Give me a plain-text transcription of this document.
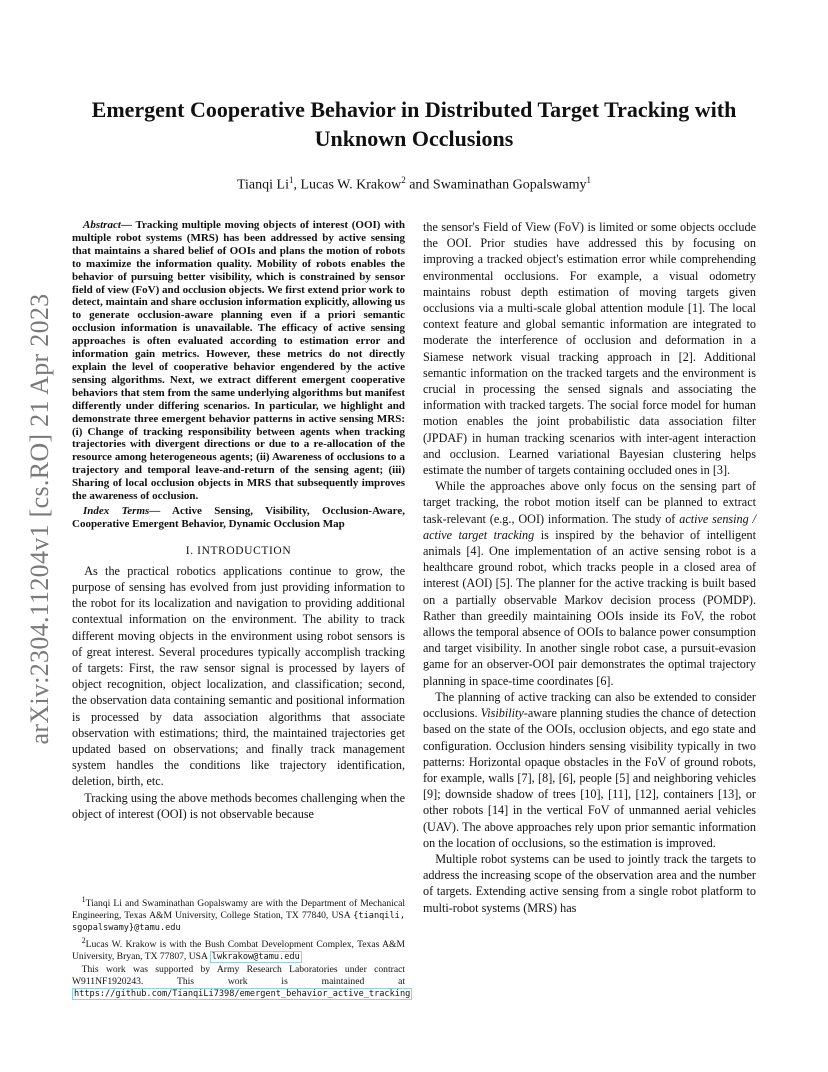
arXiv:2304.11204v1 [cs.RO] 21 Apr 2023
Emergent Cooperative Behavior in Distributed Target Tracking with Unknown Occlusions
Tianqi Li$^1$, Lucas W. Krakow$^2$ and Swaminathan Gopalswamy$^1$

Abstract— Tracking multiple moving objects of interest (OOI) with multiple robot systems (MRS) has been addressed by active sensing that maintains a shared belief of OOIs and plans the motion of robots to maximize the information quality. Mobility of robots enables the behavior of pursuing better visibility, which is constrained by sensor field of view (FoV) and occlusion objects. We first extend prior work to detect, maintain and share occlusion information explicitly, allowing us to generate occlusion-aware planning even if a priori semantic occlusion information is unavailable. The efficacy of active sensing approaches is often evaluated according to estimation error and information gain metrics. However, these metrics do not directly explain the level of cooperative behavior engendered by the active sensing algorithms. Next, we extract different emergent cooperative behaviors that stem from the same underlying algorithms but manifest differently under differing scenarios. In particular, we highlight and demonstrate three emergent behavior patterns in active sensing MRS: (i) Change of tracking responsibility between agents when tracking trajectories with divergent directions or due to a re-allocation of the resource among heterogeneous agents; (ii) Awareness of occlusions to a trajectory and temporal leave-and-return of the sensing agent; (iii) Sharing of local occlusion objects in MRS that subsequently improves the awareness of occlusion.

Index Terms— Active Sensing, Visibility, Occlusion-Aware, Cooperative Emergent Behavior, Dynamic Occlusion Map

I. INTRODUCTION

As the practical robotics applications continue to grow, the purpose of sensing has evolved from just providing information to the robot for its localization and navigation to providing additional contextual information on the environment. The ability to track different moving objects in the environment using robot sensors is of great interest. Several procedures typically accomplish tracking of targets: First, the raw sensor signal is processed by layers of object recognition, object localization, and classification; second, the observation data containing semantic and positional information is processed by data association algorithms that associate observation with estimations; third, the maintained trajectories get updated based on observations; and finally track management system handles the conditions like trajectory identification, deletion, birth, etc.

Tracking using the above methods becomes challenging when the object of interest (OOI) is not observable because

$^1$Tianqi Li and Swaminathan Gopalswamy are with the Department of Mechanical Engineering, Texas A&M University, College Station, TX 77840, USA {tianqili, sgopalswamy}@tamu.edu

$^2$Lucas W. Krakow is with the Bush Combat Development Complex, Texas A&M University, Bryan, TX 77807, USA lwkrakow@tamu.edu

This work was supported by Army Research Laboratories under contract W911NF1920243. This work is maintained at https://github.com/TianqiLi7398/emergent_behavior_active_tracking

the sensor's Field of View (FoV) is limited or some objects occlude the OOI. Prior studies have addressed this by focusing on improving a tracked object's estimation error while comprehending environmental occlusions. For example, a visual odometry maintains robust depth estimation of moving targets given occlusions via a multi-scale global attention module [1]. The local context feature and global semantic information are integrated to moderate the interference of occlusion and deformation in a Siamese network visual tracking approach in [2]. Additional semantic information on the tracked targets and the environment is crucial in processing the sensed signals and associating the information with tracked targets. The social force model for human motion enables the joint probabilistic data association filter (JPDAF) in human tracking scenarios with inter-agent interaction and occlusion. Learned variational Bayesian clustering helps estimate the number of targets containing occluded ones in [3].

While the approaches above only focus on the sensing part of target tracking, the robot motion itself can be planned to extract task-relevant (e.g., OOI) information. The study of active sensing / active target tracking is inspired by the behavior of intelligent animals [4]. One implementation of an active sensing robot is a healthcare ground robot, which tracks people in a closed area of interest (AOI) [5]. The planner for the active tracking is built based on a partially observable Markov decision process (POMDP). Rather than greedily maintaining OOIs inside its FoV, the robot allows the temporal absence of OOIs to balance power consumption and target visibility. In another single robot case, a pursuit-evasion game for an observer-OOI pair demonstrates the optimal trajectory planning in space-time coordinates [6].

The planning of active tracking can also be extended to consider occlusions. Visibility-aware planning studies the chance of detection based on the state of the OOIs, occlusion objects, and ego state and configuration. Occlusion hinders sensing visibility typically in two patterns: Horizontal opaque obstacles in the FoV of ground robots, for example, walls [7], [8], [6], people [5] and neighboring vehicles [9]; downside shadow of trees [10], [11], [12], containers [13], or other robots [14] in the vertical FoV of unmanned aerial vehicles (UAV). The above approaches rely upon prior semantic information on the location of occlusions, so the estimation is improved.

Multiple robot systems can be used to jointly track the targets to address the increasing scope of the observation area and the number of targets. Extending active sensing from a single robot platform to multi-robot systems (MRS) has
